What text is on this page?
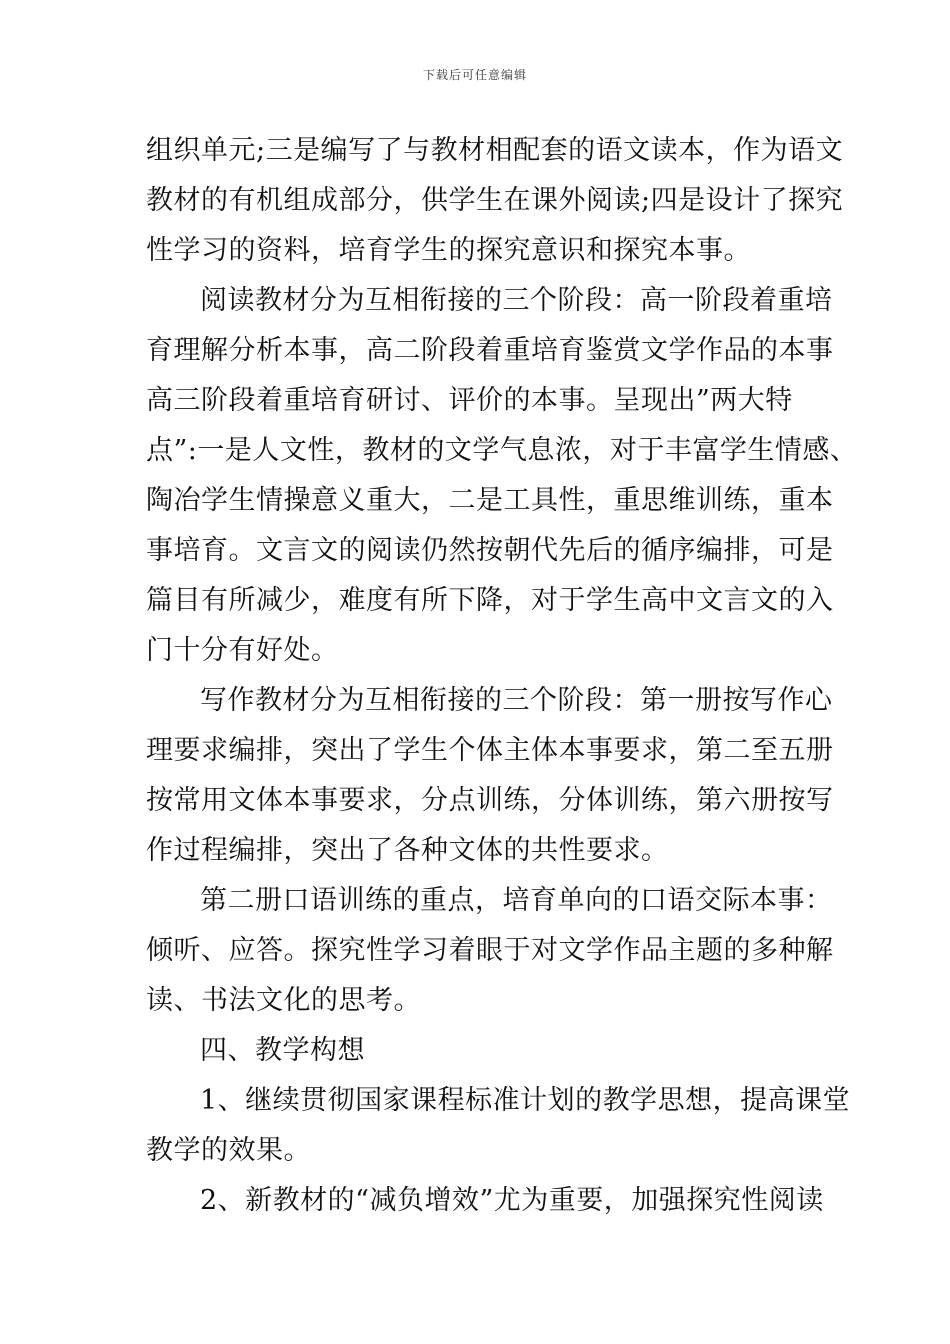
下载后可任意编辑
组织单元;三是编写了与教材相配套的语文读本，作为语文
教材的有机组成部分，供学生在课外阅读;四是设计了探究
性学习的资料，培育学生的探究意识和探究本事。
阅读教材分为互相衔接的三个阶段：高一阶段着重培
育理解分析本事，高二阶段着重培育鉴赏文学作品的本事
高三阶段着重培育研讨、评价的本事。呈现出”两大特
点”:一是人文性，教材的文学气息浓，对于丰富学生情感、
陶冶学生情操意义重大，二是工具性，重思维训练，重本
事培育。文言文的阅读仍然按朝代先后的循序编排，可是
篇目有所减少，难度有所下降，对于学生高中文言文的入
门十分有好处。
写作教材分为互相衔接的三个阶段：第一册按写作心
理要求编排，突出了学生个体主体本事要求，第二至五册
按常用文体本事要求，分点训练，分体训练，第六册按写
作过程编排，突出了各种文体的共性要求。
第二册口语训练的重点，培育单向的口语交际本事：
倾听、应答。探究性学习着眼于对文学作品主题的多种解
读、书法文化的思考。
四、教学构想
1、继续贯彻国家课程标准计划的教学思想，提高课堂
教学的效果。
2、新教材的“减负增效”尤为重要，加强探究性阅读
